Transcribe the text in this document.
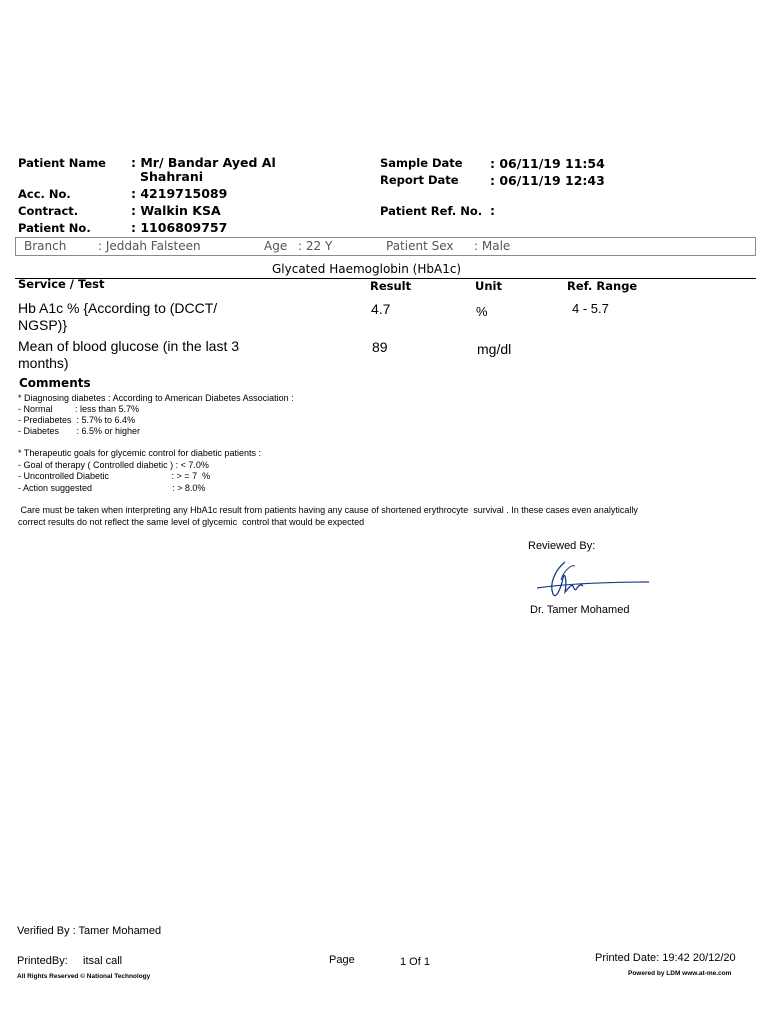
Patient Name : Mr/ Bandar Ayed Al
Shahrani
Acc. No.	: 4219715089
Contract.	: Walkin KSA
Patient No.	: 1106809757
Sample Date : 06/11/19 11:54
Report Date	: 06/11/19 12:43
Patient Ref. No. :
Branch	: Jeddah Falsteen	Age : 22 Y	Patient Sex : Male
Glycated Haemoglobin (HbA1c)
Service / Test	Result	Unit	Ref. Range
Hb A1c % {According to (DCCT/
NGSP)}
4.7	%	4 - 5.7
Mean of blood glucose (in the last 3
months)
89	mg/dl
Comments
* Diagnosing diabetes : According to American Diabetes Association :
- Normal         : less than 5.7%
- Prediabetes  : 5.7% to 6.4%
- Diabetes       : 6.5% or higher
* Therapeutic goals for glycemic control for diabetic patients :
- Goal of therapy ( Controlled diabetic ) : < 7.0%
- Uncontrolled Diabetic                         : > = 7  %
- Action suggested                                : > 8.0%
Care must be taken when interpreting any HbA1c result from patients having any cause of shortened erythrocyte  survival . In these cases even analytically
correct results do not reflect the same level of glycemic  control that would be expected
Reviewed By:
Dr. Tamer Mohamed
Verified By : Tamer Mohamed
PrintedBy: itsal call	Page	1 Of 1	Printed Date: 19:42 20/12/20
All Rights Reserved © National Technology	Powered by LDM www.at-me.com
